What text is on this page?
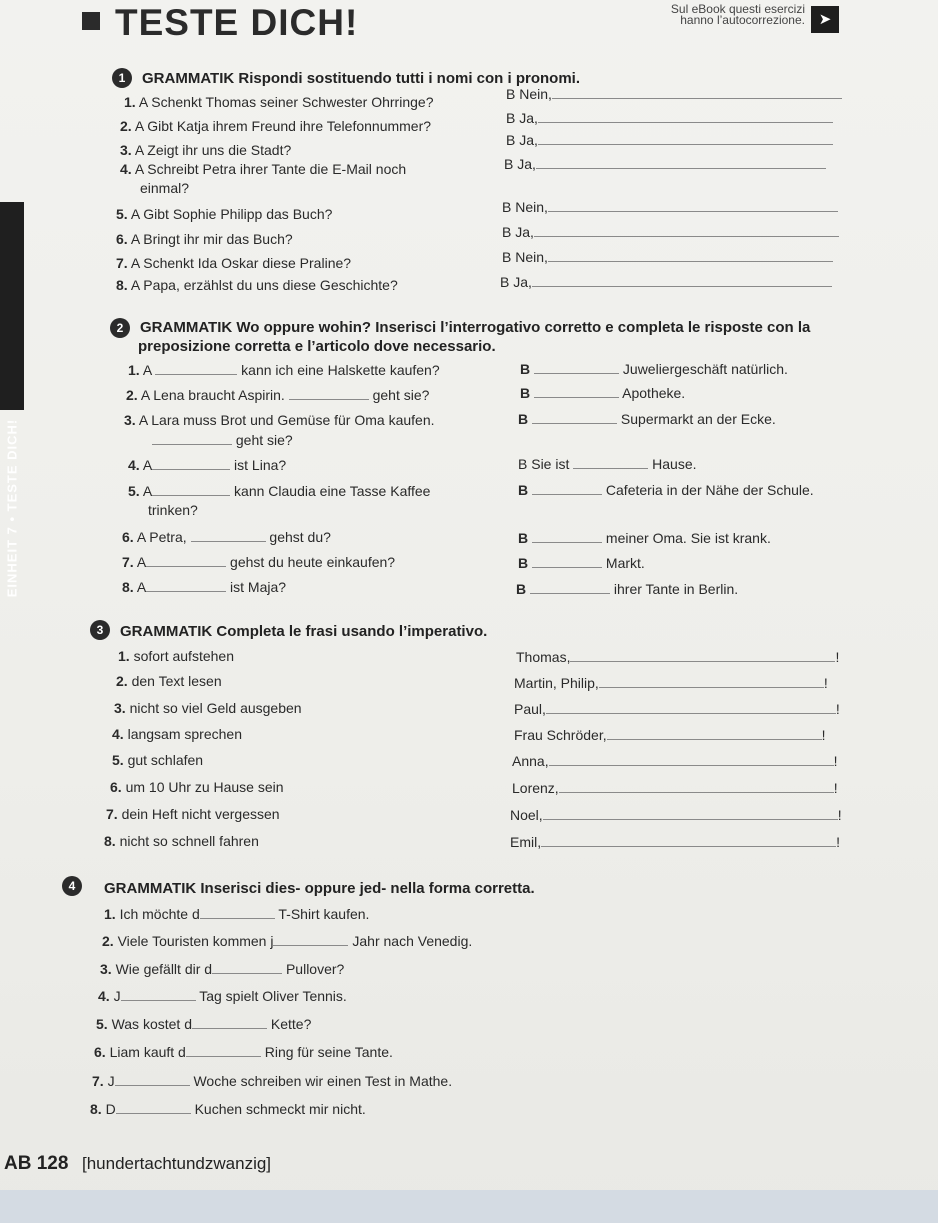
TESTE DICH!	Sul eBook questi esercizi
hanno l’autocorrezione. ➤
EINHEIT 7 • TESTE DICH!
1	GRAMMATIK Rispondi sostituendo tutti i nomi con i pronomi.
1. A Schenkt Thomas seiner Schwester Ohrringe?	B Nein,
2. A Gibt Katja ihrem Freund ihre Telefonnummer?	B Ja,
3. A Zeigt ihr uns die Stadt?
B Ja,
4. A Schreibt Petra ihrer Tante die E-Mail noch
einmal?
B Ja,
5. A Gibt Sophie Philipp das Buch?	B Nein,
6. A Bringt ihr mir das Buch?	B Ja,
7. A Schenkt Ida Oskar diese Praline?	B Nein,
8. A Papa, erzählst du uns diese Geschichte?	B Ja,
2	GRAMMATIK Wo oppure wohin? Inserisci l’interrogativo corretto e completa le risposte con la
preposizione corretta e l’articolo dove necessario.
1. A	kann ich eine Halskette kaufen?	B	Juweliergeschäft natürlich.
2. A Lena braucht Aspirin.	geht sie?	B	Apotheke.
3. A Lara muss Brot und Gemüse für Oma kaufen.
geht sie?
B	Supermarkt an der Ecke.
4. A	ist Lina?	B Sie ist	Hause.
5. A	kann Claudia eine Tasse Kaffee
trinken?
B	Cafeteria in der Nähe der Schule.
6. A Petra,	gehst du?	B	meiner Oma. Sie ist krank.
7. A	gehst du heute einkaufen?	B	Markt.
8. A	ist Maja?	B	ihrer Tante in Berlin.
3	GRAMMATIK Completa le frasi usando l’imperativo.
1. sofort aufstehen	Thomas,	!
2. den Text lesen	Martin, Philip,	!
3. nicht so viel Geld ausgeben	Paul,	!
4. langsam sprechen	Frau Schröder,	!
5. gut schlafen	Anna,	!
6. um 10 Uhr zu Hause sein	Lorenz,	!
7. dein Heft nicht vergessen	Noel,	!
8. nicht so schnell fahren	Emil,	!
4	GRAMMATIK Inserisci dies- oppure jed- nella forma corretta.
1. Ich möchte d	T-Shirt kaufen.
2. Viele Touristen kommen j	Jahr nach Venedig.
3. Wie gefällt dir d	Pullover?
4. J	Tag spielt Oliver Tennis.
5. Was kostet d	Kette?
6. Liam kauft d	Ring für seine Tante.
7. J	Woche schreiben wir einen Test in Mathe.
8. D	Kuchen schmeckt mir nicht.
AB 128 [hundertachtundzwanzig]
